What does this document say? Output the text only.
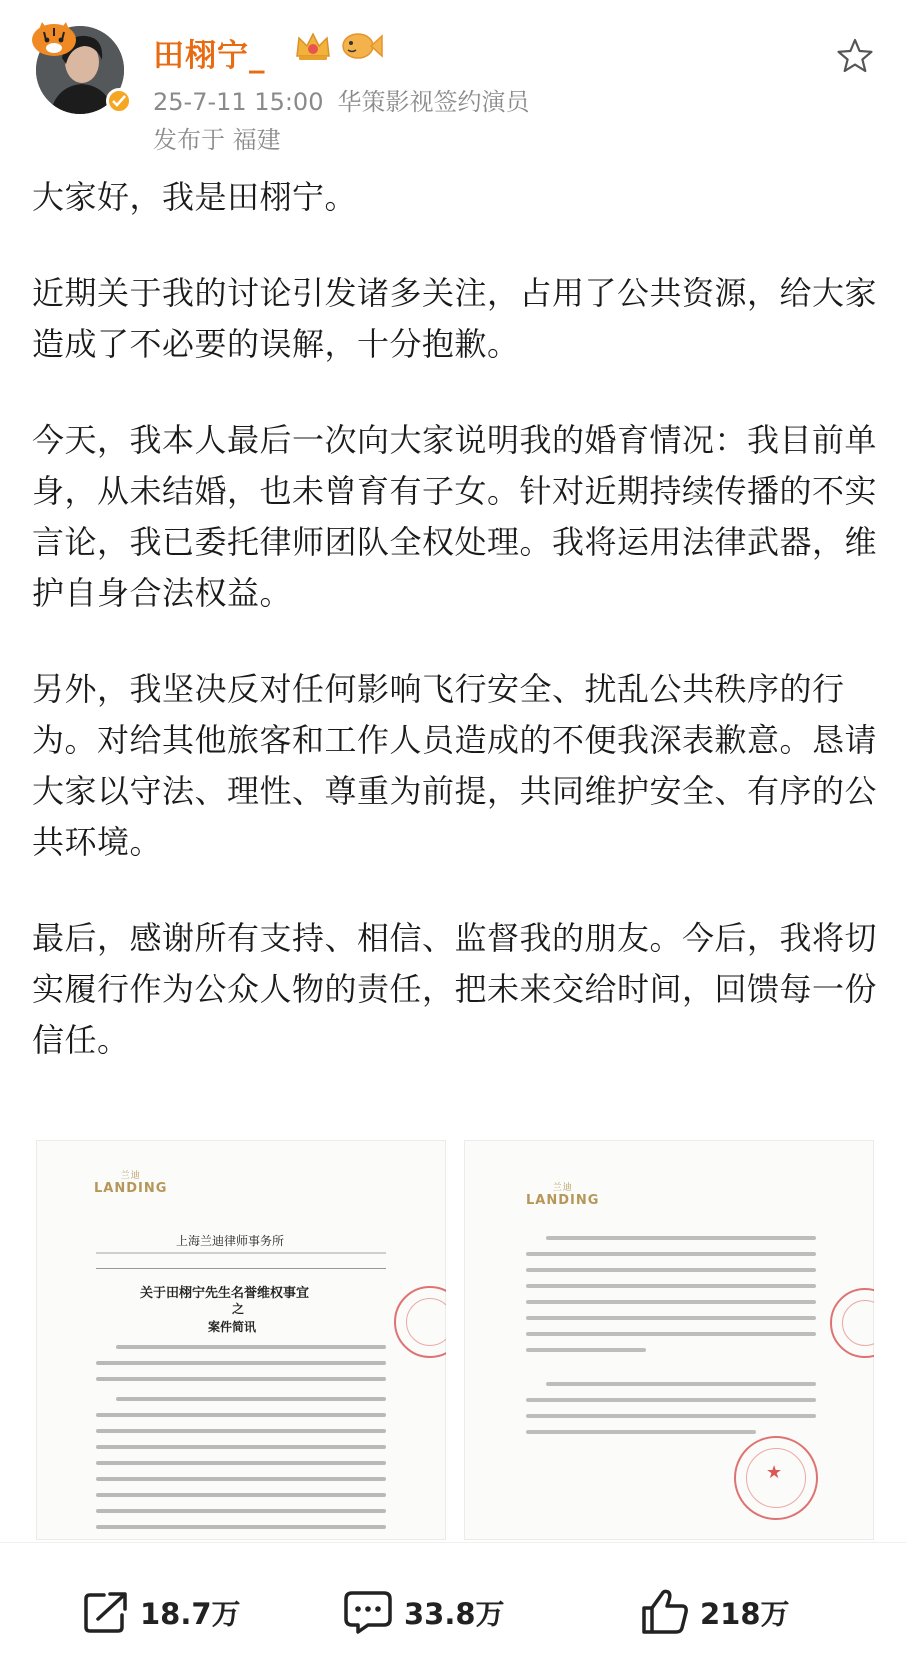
田栩宁_
25-7-11 15:00 华策影视签约演员
发布于 福建

大家好，我是田栩宁。

近期关于我的讨论引发诸多关注，占用了公共资源，给大家造成了不必要的误解，十分抱歉。

今天，我本人最后一次向大家说明我的婚育情况：我目前单身，从未结婚，也未曾育有子女。针对近期持续传播的不实言论，我已委托律师团队全权处理。我将运用法律武器，维护自身合法权益。

另外，我坚决反对任何影响飞行安全、扰乱公共秩序的行为。对给其他旅客和工作人员造成的不便我深表歉意。恳请大家以守法、理性、尊重为前提，共同维护安全、有序的公共环境。

最后，感谢所有支持、相信、监督我的朋友。今后，我将切实履行作为公众人物的责任，把未来交给时间，回馈每一份信任。

兰迪
LANDING
上海兰迪律师事务所
关于田栩宁先生名誉维权事宜
之
案件简讯
兰迪
LANDING
★
18.7万	33.8万	218万
